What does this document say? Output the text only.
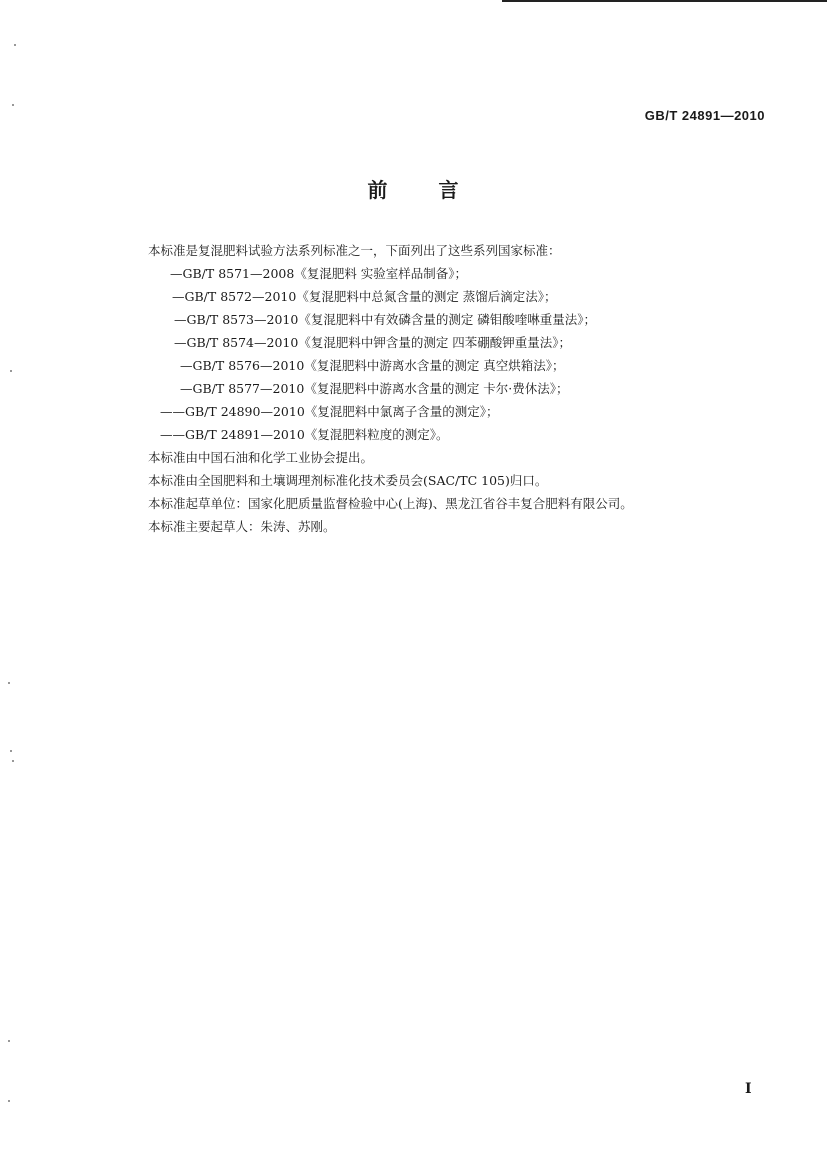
GB/T 24891—2010
前 言
本标准是复混肥料试验方法系列标准之一，下面列出了这些系列国家标准：
—GB/T 8571—2008《复混肥料 实验室样品制备》；
—GB/T 8572—2010《复混肥料中总氮含量的测定 蒸馏后滴定法》；
—GB/T 8573—2010《复混肥料中有效磷含量的测定 磷钼酸喹啉重量法》；
—GB/T 8574—2010《复混肥料中钾含量的测定 四苯硼酸钾重量法》；
—GB/T 8576—2010《复混肥料中游离水含量的测定 真空烘箱法》；
—GB/T 8577—2010《复混肥料中游离水含量的测定 卡尔·费休法》；
——GB/T 24890—2010《复混肥料中氯离子含量的测定》；
——GB/T 24891—2010《复混肥料粒度的测定》。
本标准由中国石油和化学工业协会提出。
本标准由全国肥料和土壤调理剂标准化技术委员会(SAC/TC 105)归口。
本标准起草单位：国家化肥质量监督检验中心(上海)、黑龙江省谷丰复合肥料有限公司。
本标准主要起草人：朱涛、苏刚。
I
